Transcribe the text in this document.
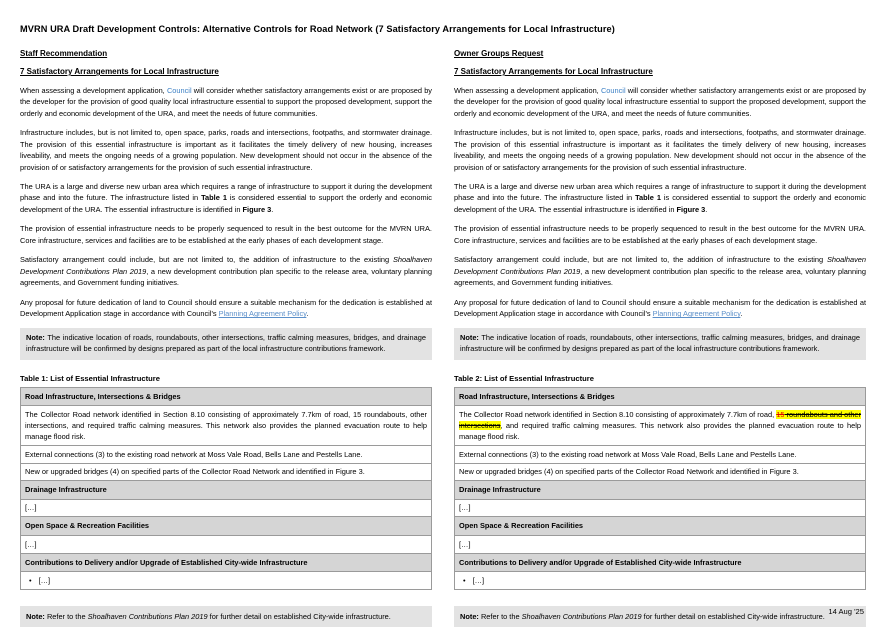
MVRN URA Draft Development Controls: Alternative Controls for Road Network (7 Satisfactory Arrangements for Local Infrastructure)
Staff Recommendation
7 Satisfactory Arrangements for Local Infrastructure

When assessing a development application, Council will consider whether satisfactory arrangements exist or are proposed by the developer for the provision of good quality local infrastructure essential to support the proposed development, support the orderly and economic development of the URA, and meet the needs of future communities.

Infrastructure includes, but is not limited to, open space, parks, roads and intersections, footpaths, and stormwater drainage. The provision of this essential infrastructure is important as it facilitates the timely delivery of new housing, increases liveability, and meets the ongoing needs of a growing population. New development should not occur in the absence of the provision of or satisfactory arrangements for the provision of such essential infrastructure.

The URA is a large and diverse new urban area which requires a range of infrastructure to support it during the development phase and into the future. The infrastructure listed in Table 1 is considered essential to support the orderly and economic development of the URA. The essential infrastructure is identified in Figure 3.

The provision of essential infrastructure needs to be properly sequenced to result in the best outcome for the MVRN URA. Core infrastructure, services and facilities are to be established at the early phases of each development stage.

Satisfactory arrangement could include, but are not limited to, the addition of infrastructure to the existing Shoalhaven Development Contributions Plan 2019, a new development contribution plan specific to the release area, voluntary planning agreements, and Government funding initiatives.

Any proposal for future dedication of land to Council should ensure a suitable mechanism for the dedication is established at Development Application stage in accordance with Council's Planning Agreement Policy.

Note: The indicative location of roads, roundabouts, other intersections, traffic calming measures, bridges, and drainage infrastructure will be confirmed by designs prepared as part of the local infrastructure contributions framework.
Table 1: List of Essential Infrastructure
Road Infrastructure, Intersections & Bridges
The Collector Road network identified in Section 8.10 consisting of approximately 7.7km of road, 15 roundabouts, other intersections, and required traffic calming measures. This network also provides the planned evacuation route to help manage flood risk.
External connections (3) to the existing road network at Moss Vale Road, Bells Lane and Pestells Lane.
New or upgraded bridges (4) on specified parts of the Collector Road Network and identified in Figure 3.
Drainage Infrastructure
[…]
Open Space & Recreation Facilities
[…]
Contributions to Delivery and/or Upgrade of Established City-wide Infrastructure

• […]
Note: Refer to the Shoalhaven Contributions Plan 2019 for further detail on established City-wide infrastructure.
Owner Groups Request
7 Satisfactory Arrangements for Local Infrastructure

When assessing a development application, Council will consider whether satisfactory arrangements exist or are proposed by the developer for the provision of good quality local infrastructure essential to support the proposed development, support the orderly and economic development of the URA, and meet the needs of future communities.

Infrastructure includes, but is not limited to, open space, parks, roads and intersections, footpaths, and stormwater drainage. The provision of this essential infrastructure is important as it facilitates the timely delivery of new housing, increases liveability, and meets the ongoing needs of a growing population. New development should not occur in the absence of the provision of or satisfactory arrangements for the provision of such essential infrastructure.

The URA is a large and diverse new urban area which requires a range of infrastructure to support it during the development phase and into the future. The infrastructure listed in Table 1 is considered essential to support the orderly and economic development of the URA. The essential infrastructure is identified in Figure 3.

The provision of essential infrastructure needs to be properly sequenced to result in the best outcome for the MVRN URA. Core infrastructure, services and facilities are to be established at the early phases of each development stage.

Satisfactory arrangement could include, but are not limited to, the addition of infrastructure to the existing Shoalhaven Development Contributions Plan 2019, a new development contribution plan specific to the release area, voluntary planning agreements, and Government funding initiatives.

Any proposal for future dedication of land to Council should ensure a suitable mechanism for the dedication is established at Development Application stage in accordance with Council's Planning Agreement Policy.

Note: The indicative location of roads, roundabouts, other intersections, traffic calming measures, bridges, and drainage infrastructure will be confirmed by designs prepared as part of the local infrastructure contributions framework.
Table 2: List of Essential Infrastructure
Road Infrastructure, Intersections & Bridges
The Collector Road network identified in Section 8.10 consisting of approximately 7.7km of road, 15 roundabouts and other intersections, and required traffic calming measures. This network also provides the planned evacuation route to help manage flood risk.
External connections (3) to the existing road network at Moss Vale Road, Bells Lane and Pestells Lane.
New or upgraded bridges (4) on specified parts of the Collector Road Network and identified in Figure 3.
Drainage Infrastructure
[…]
Open Space & Recreation Facilities
[…]
Contributions to Delivery and/or Upgrade of Established City-wide Infrastructure

• […]
Note: Refer to the Shoalhaven Contributions Plan 2019 for further detail on established City-wide infrastructure.
14 Aug '25
